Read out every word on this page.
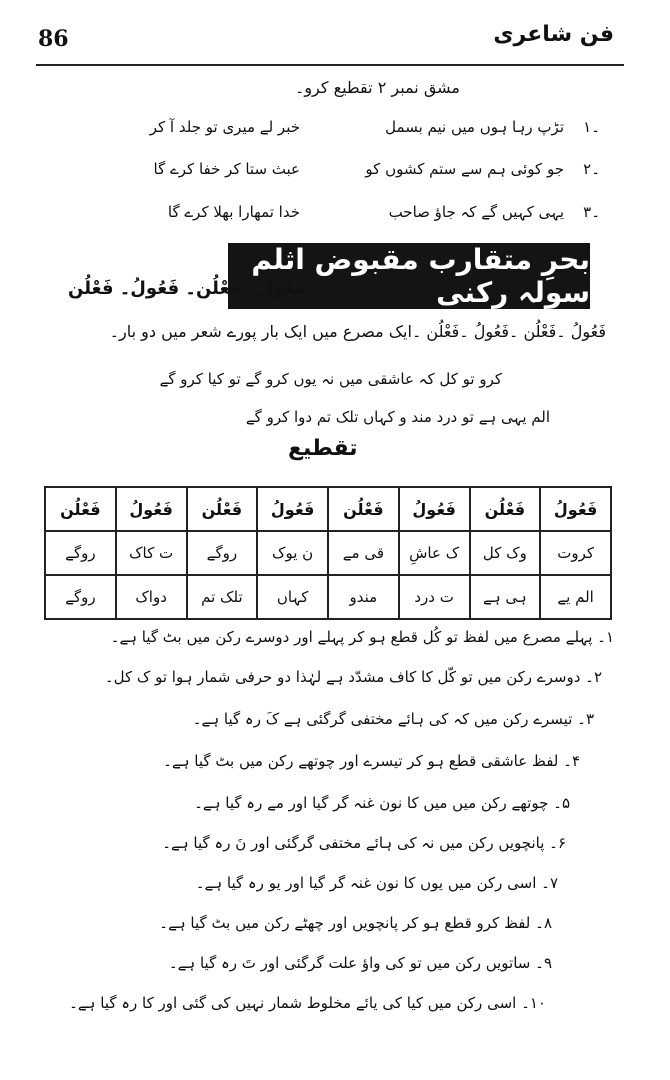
86	فن شاعری
مشق نمبر ۲ تقطیع کرو۔
۱۔
تڑپ رہا ہوں میں نیم بسمل
خبر لے میری تو جلد آ کر
۲۔
جو کوئی ہم سے ستم کشوں کو
عبث ستا کر خفا کرے گا
۳۔
یہی کہیں گے کہ جاؤ صاحب
خدا تمھارا بھلا کرے گا
بحرِ متقارب مقبوض اثلم سولہ رکنی
فَعُولُ۔ فَعْلُن۔ فَعُولُ۔ فَعْلُن
فَعُولُ ۔فَعْلُن ۔فَعُولُ ۔فَعْلُن ۔ایک مصرع میں ایک بار پورے شعر میں دو بار۔
کرو تو کل کہ عاشقی میں نہ یوں کرو گے تو کیا کرو گے
الم یہی ہے تو درد مند و کہاں تلک تم دوا کرو گے
تقطیع
فَعُولُ	فَعْلُن	فَعُولُ	فَعْلُن	فَعُولُ	فَعْلُن	فَعُولُ	فَعْلُن
کروت	وک کل	ک عاشِ	قی مے	ن یوک	روگے	ت کاک	روگے
الم یے	ہی ہے	ت درد	مندو	کہاں	تلک تم	دواک	روگے
۱۔ پہلے مصرع میں لفظ تو کُل قطع ہو کر پہلے اور دوسرے رکن میں بٹ گیا ہے۔
۲۔ دوسرے رکن میں تو کّل کا کاف مشدّد ہے لہٰذا دو حرفی شمار ہوا تو ک کل۔
۳۔ تیسرے رکن میں کہ کی ہائے مختفی گرگئی ہے کَ رہ گیا ہے۔
۴۔ لفظ عاشقی قطع ہو کر تیسرے اور چوتھے رکن میں بٹ گیا ہے۔
۵۔ چوتھے رکن میں میں کا نون غنہ گر گیا اور مے رہ گیا ہے۔
۶۔ پانچویں رکن میں نہ کی ہائے مختفی گرگئی اور نَ رہ گیا ہے۔
۷۔ اسی رکن میں یوں کا نون غنہ گر گیا اور یو رہ گیا ہے۔
۸۔ لفظ کرو قطع ہو کر پانچویں اور چھٹے رکن میں بٹ گیا ہے۔
۹۔ ساتویں رکن میں تو کی واؤ علت گرگئی اور تَ رہ گیا ہے۔
۱۰۔ اسی رکن میں کیا کی یائے مخلوط شمار نہیں کی گئی اور کا رہ گیا ہے۔
